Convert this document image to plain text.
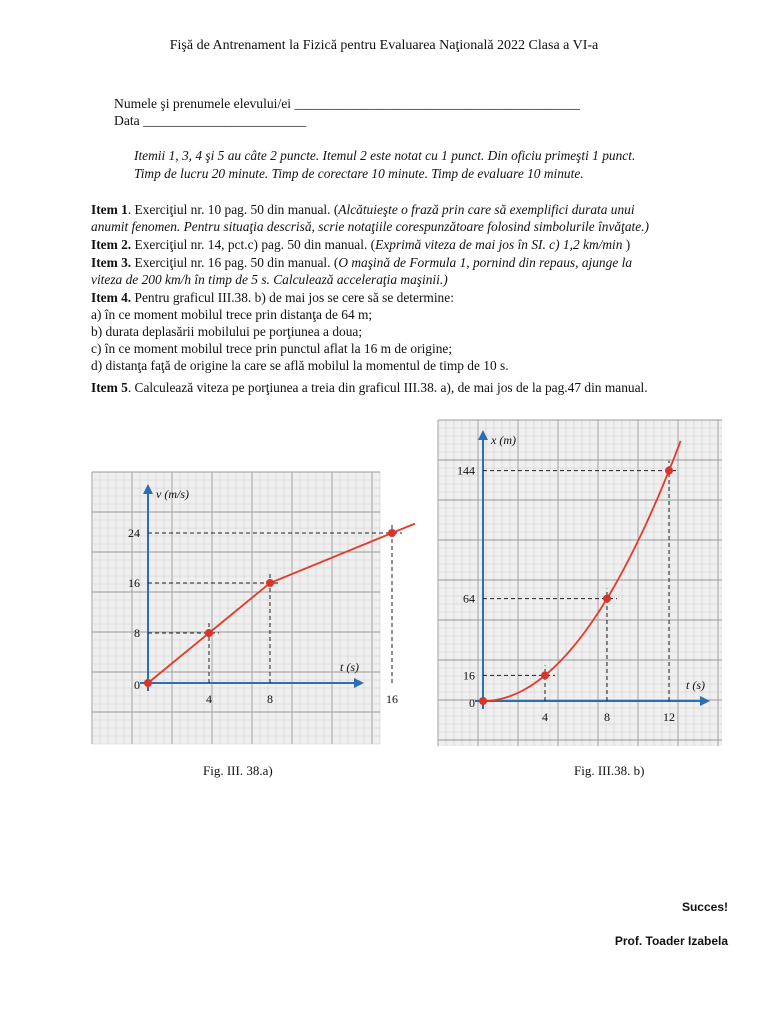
Fişă de Antrenament la Fizică pentru Evaluarea Naţională 2022 Clasa a VI-a
Numele şi prenumele elevului/ei __________________________________________
Data ________________________
Itemii 1, 3, 4 şi 5 au câte 2 puncte. Itemul 2 este notat cu 1 punct. Din oficiu primeşti 1 punct.
Timp de lucru 20 minute. Timp de corectare 10 minute. Timp de evaluare 10 minute.
Item 1. Exerciţiul nr. 10 pag. 50 din manual. (Alcătuieşte o frază prin care să exemplifici durata unui
anumit fenomen. Pentru situaţia descrisă, scrie notaţiile corespunzătoare folosind simbolurile învăţate.)
Item 2. Exerciţiul nr. 14, pct.c) pag. 50 din manual. (Exprimă viteza de mai jos în SI. c) 1,2 km/min )
Item 3. Exerciţiul nr. 16 pag. 50 din manual. (O maşină de Formula 1, pornind din repaus, ajunge la
viteza de 200 km/h în timp de 5 s. Calculează acceleraţia maşinii.)
Item 4. Pentru graficul III.38. b) de mai jos se cere să se determine:
a) în ce moment mobilul trece prin distanţa de 64 m;
b) durata deplasării mobilului pe porţiunea a doua;
c) în ce moment mobilul trece prin punctul aflat la 16 m de origine;
d) distanţa faţă de origine la care se află mobilul la momentul de timp de 10 s.
Item 5. Calculează viteza pe porţiunea a treia din graficul III.38. a), de mai jos de la pag.47 din manual.
v (m/s)
t (s)
0
4	8	16
8
16
24
Fig. III. 38.a)
x (m)
t (s)
0
4	8	12
16
64
144
Fig. III.38. b)
Succes!
Prof. Toader Izabela
